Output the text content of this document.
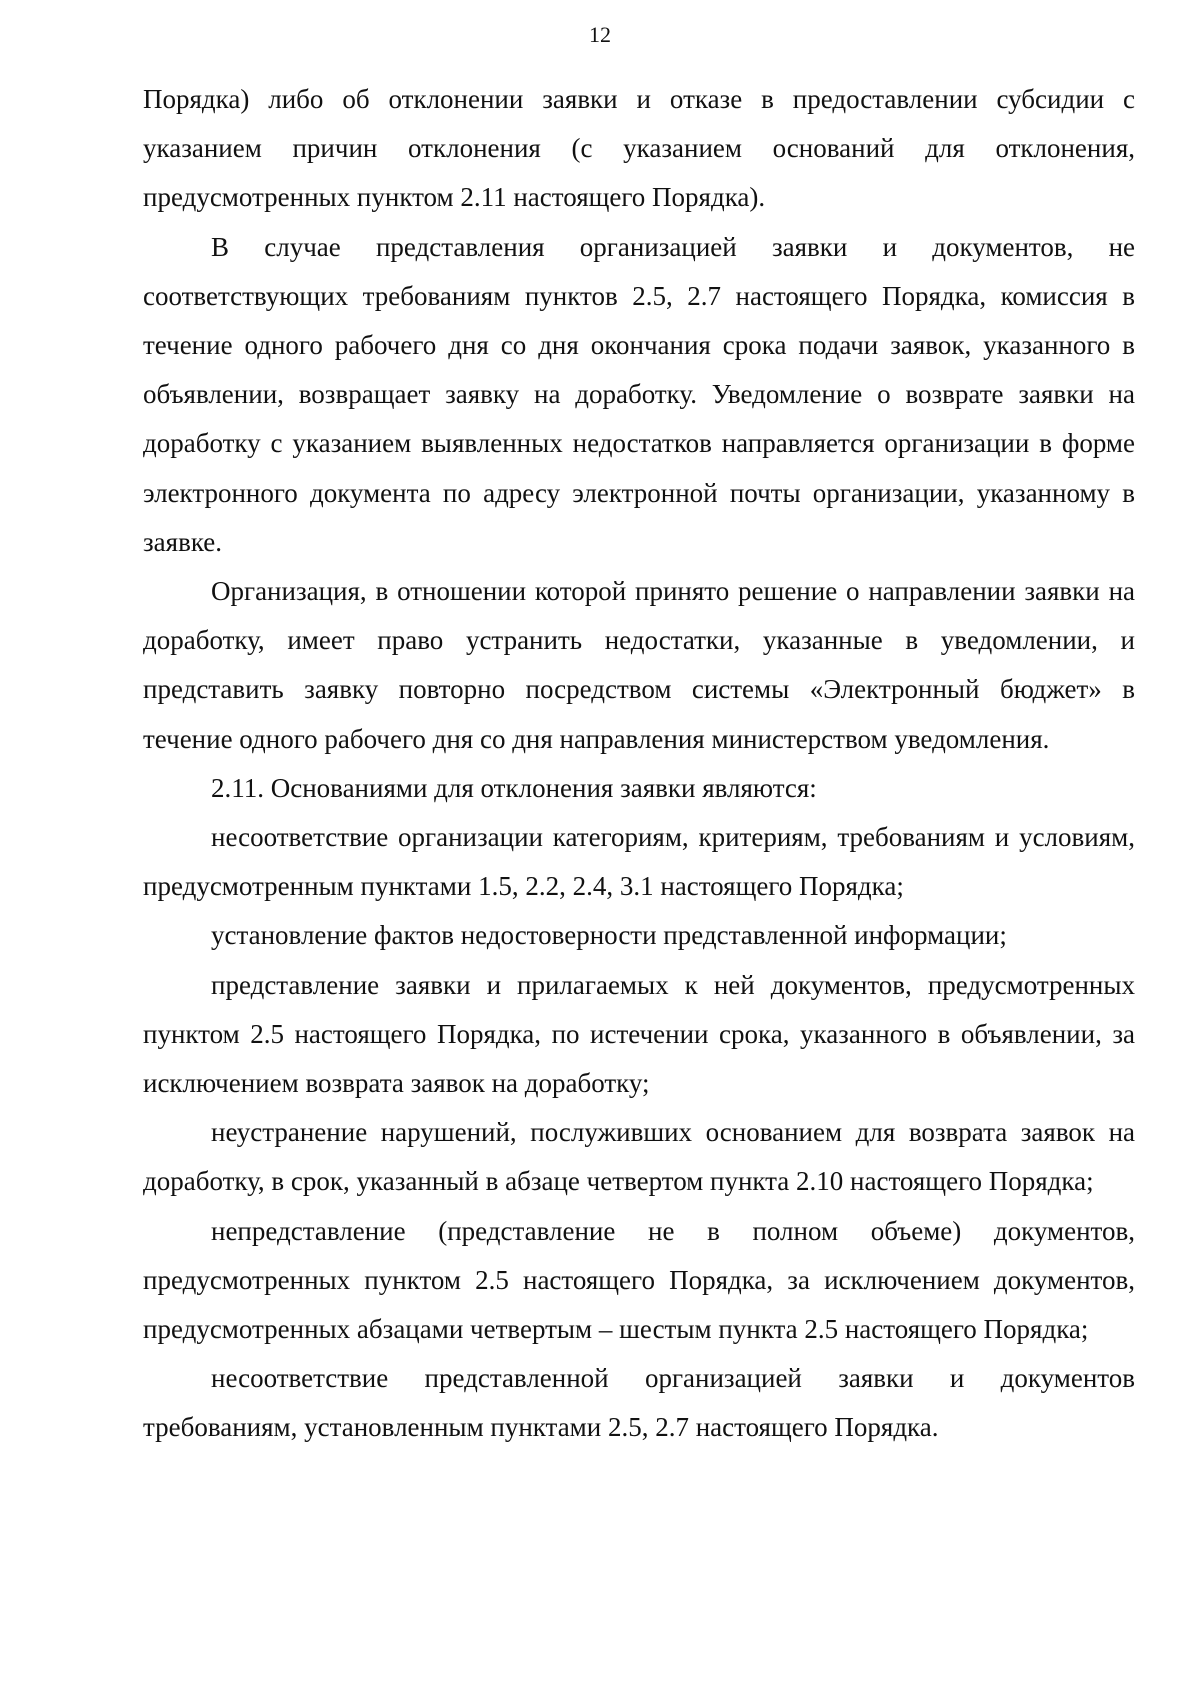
12

Порядка) либо об отклонении заявки и отказе в предоставлении субсидии с указанием причин отклонения (с указанием оснований для отклонения, предусмотренных пунктом 2.11 настоящего Порядка).

В случае представления организацией заявки и документов, не соответствующих требованиям пунктов 2.5, 2.7 настоящего Порядка, комиссия в течение одного рабочего дня со дня окончания срока подачи заявок, указанного в объявлении, возвращает заявку на доработку. Уведомление о возврате заявки на доработку с указанием выявленных недостатков направляется организации в форме электронного документа по адресу электронной почты организации, указанному в заявке.

Организация, в отношении которой принято решение о направлении заявки на доработку, имеет право устранить недостатки, указанные в уведомлении, и представить заявку повторно посредством системы «Электронный бюджет» в течение одного рабочего дня со дня направления министерством уведомления.

2.11. Основаниями для отклонения заявки являются:

несоответствие организации категориям, критериям, требованиям и условиям, предусмотренным пунктами 1.5, 2.2, 2.4, 3.1 настоящего Порядка;

установление фактов недостоверности представленной информации;

представление заявки и прилагаемых к ней документов, предусмотренных пунктом 2.5 настоящего Порядка, по истечении срока, указанного в объявлении, за исключением возврата заявок на доработку;

неустранение нарушений, послуживших основанием для возврата заявок на доработку, в срок, указанный в абзаце четвертом пункта 2.10 настоящего Порядка;

непредставление (представление не в полном объеме) документов, предусмотренных пунктом 2.5 настоящего Порядка, за исключением документов, предусмотренных абзацами четвертым – шестым пункта 2.5 настоящего Порядка;

несоответствие представленной организацией заявки и документов требованиям, установленным пунктами 2.5, 2.7 настоящего Порядка.
